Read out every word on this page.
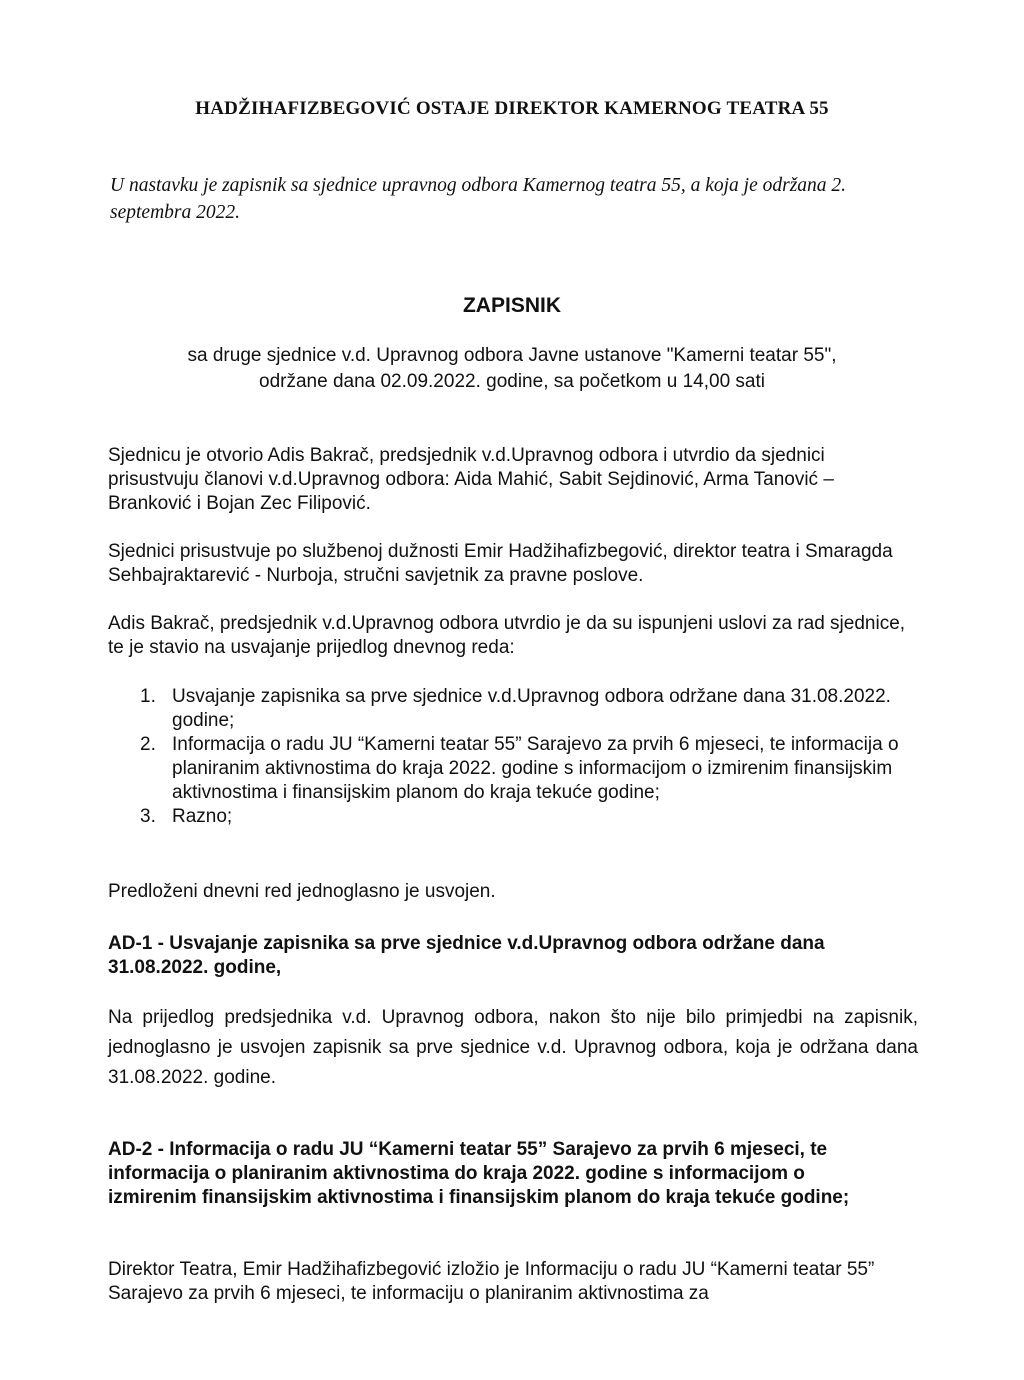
HADŽIHAFIZBEGOVIĆ OSTAJE DIREKTOR KAMERNOG TEATRA 55
U nastavku je zapisnik sa sjednice upravnog odbora Kamernog teatra 55, a koja je održana 2. septembra 2022.
ZAPISNIK
sa druge sjednice v.d. Upravnog odbora Javne ustanove "Kamerni teatar 55",
održane dana 02.09.2022. godine, sa početkom u 14,00 sati
Sjednicu je otvorio Adis Bakrač, predsjednik v.d.Upravnog odbora i utvrdio da sjednici prisustvuju članovi v.d.Upravnog odbora: Aida Mahić, Sabit Sejdinović, Arma Tanović – Branković i Bojan Zec Filipović.
Sjednici prisustvuje po službenoj dužnosti Emir Hadžihafizbegović, direktor teatra i Smaragda Sehbajraktarević - Nurboja, stručni savjetnik za pravne poslove.
Adis Bakrač, predsjednik v.d.Upravnog odbora utvrdio je da su ispunjeni uslovi za rad sjednice, te je stavio na usvajanje prijedlog dnevnog reda:
1. Usvajanje zapisnika sa prve sjednice v.d.Upravnog odbora održane dana 31.08.2022. godine;
2. Informacija o radu JU “Kamerni teatar 55” Sarajevo za prvih 6 mjeseci, te informacija o planiranim aktivnostima do kraja 2022. godine s informacijom o izmirenim finansijskim aktivnostima i finansijskim planom do kraja tekuće godine;
3. Razno;
Predloženi dnevni red jednoglasno je usvojen.
AD-1 - Usvajanje zapisnika sa prve sjednice v.d.Upravnog odbora održane dana 31.08.2022. godine,
Na prijedlog predsjednika v.d. Upravnog odbora, nakon što nije bilo primjedbi na zapisnik, jednoglasno je usvojen zapisnik sa prve sjednice v.d. Upravnog odbora, koja je održana dana 31.08.2022. godine.
AD-2 - Informacija o radu JU “Kamerni teatar 55” Sarajevo za prvih 6 mjeseci, te informacija o planiranim aktivnostima do kraja 2022. godine s informacijom o izmirenim finansijskim aktivnostima i finansijskim planom do kraja tekuće godine;
Direktor Teatra, Emir Hadžihafizbegović izložio je Informaciju o radu JU “Kamerni teatar 55” Sarajevo za prvih 6 mjeseci, te informaciju o planiranim aktivnostima za
